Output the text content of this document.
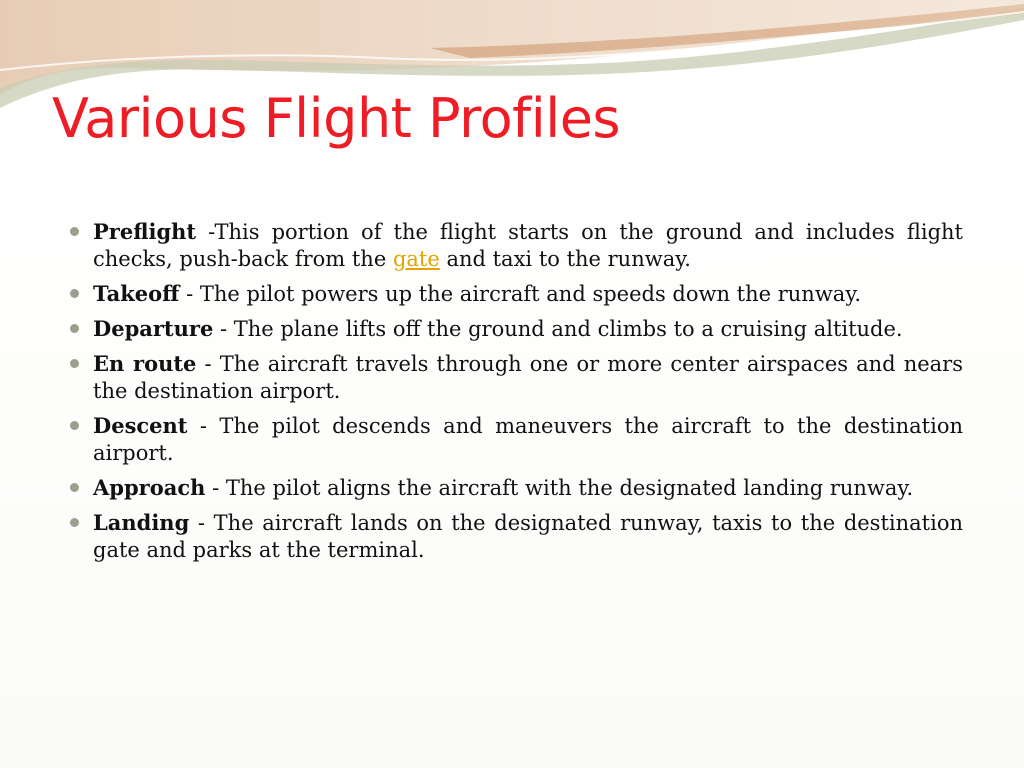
Various Flight Profiles
Preflight -This portion of the flight starts on the ground and includes flight checks, push-back from the gate and taxi to the runway.
Takeoff - The pilot powers up the aircraft and speeds down the runway.
Departure - The plane lifts off the ground and climbs to a cruising altitude.
En route - The aircraft travels through one or more center airspaces and nears the destination airport.
Descent - The pilot descends and maneuvers the aircraft to the destination airport.
Approach - The pilot aligns the aircraft with the designated landing runway.
Landing - The aircraft lands on the designated runway, taxis to the destination gate and parks at the terminal.
